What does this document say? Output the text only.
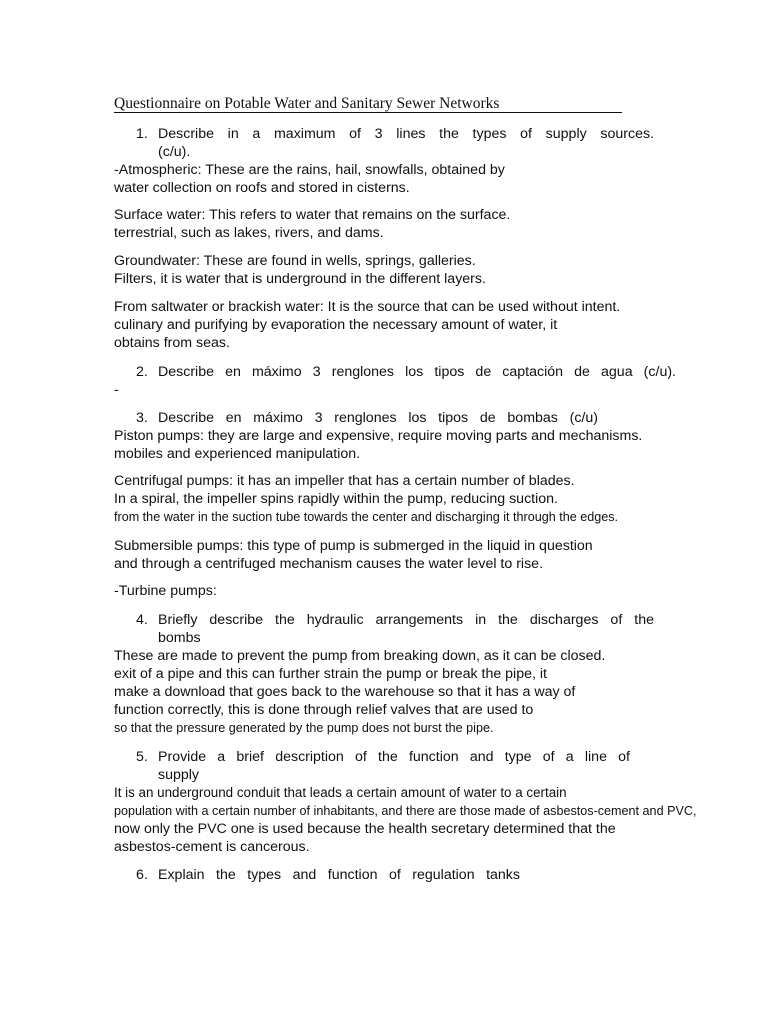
Questionnaire on Potable Water and Sanitary Sewer Networks
1. Describe in a maximum of 3 lines the types of supply sources.
(c/u).
-Atmospheric: These are the rains, hail, snowfalls, obtained by
water collection on roofs and stored in cisterns.
Surface water: This refers to water that remains on the surface.
terrestrial, such as lakes, rivers, and dams.
Groundwater: These are found in wells, springs, galleries.
Filters, it is water that is underground in the different layers.
From saltwater or brackish water: It is the source that can be used without intent.
culinary and purifying by evaporation the necessary amount of water, it
obtains from seas.
2. Describe en máximo 3 renglones los tipos de captación de agua (c/u).
-
3. Describe en máximo 3 renglones los tipos de bombas (c/u)
Piston pumps: they are large and expensive, require moving parts and mechanisms.
mobiles and experienced manipulation.
Centrifugal pumps: it has an impeller that has a certain number of blades.
In a spiral, the impeller spins rapidly within the pump, reducing suction.
from the water in the suction tube towards the center and discharging it through the edges.
Submersible pumps: this type of pump is submerged in the liquid in question
and through a centrifuged mechanism causes the water level to rise.
-Turbine pumps:
4. Briefly describe the hydraulic arrangements in the discharges of the
bombs
These are made to prevent the pump from breaking down, as it can be closed.
exit of a pipe and this can further strain the pump or break the pipe, it
make a download that goes back to the warehouse so that it has a way of
function correctly, this is done through relief valves that are used to
so that the pressure generated by the pump does not burst the pipe.
5. Provide a brief description of the function and type of a line of
supply
It is an underground conduit that leads a certain amount of water to a certain
population with a certain number of inhabitants, and there are those made of asbestos-cement and PVC,
now only the PVC one is used because the health secretary determined that the
asbestos-cement is cancerous.
6. Explain the types and function of regulation tanks
